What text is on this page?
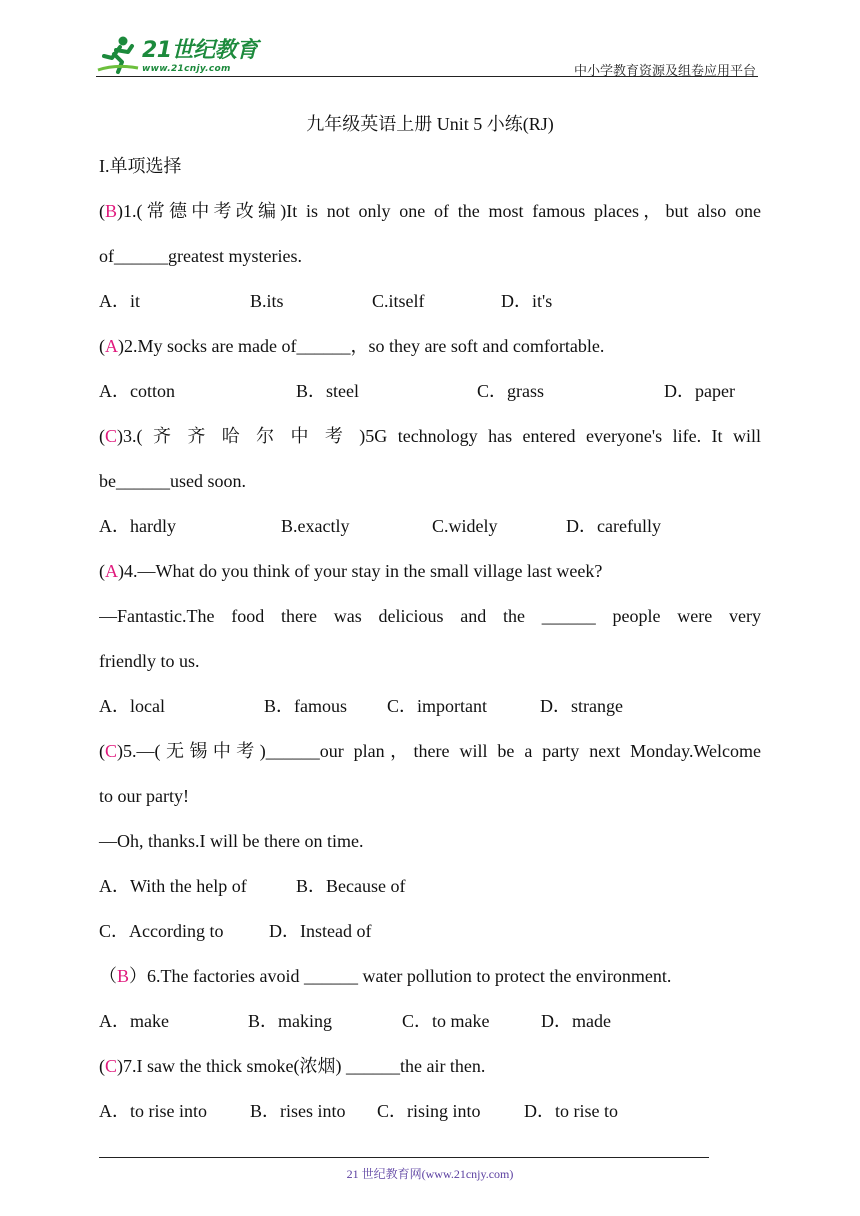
21世纪教育
www.21cnjy.com	中小学教育资源及组卷应用平台
九年级英语上册 Unit 5 小练(RJ)
I.单项选择
(B)1.(常德中考改编)It is not only one of the most famous places，but also one
of______greatest mysteries.
A．it	B.its	C.itself	D．it's
(A)2.My socks are made of______，so they are soft and comfortable.
A．cotton	B．steel	C．grass	D．paper
(C)3.( 齐 齐 哈 尔 中 考 )5G technology has entered everyone's life. It will
be______used soon.
A．hardly	B.exactly	C.widely	D．carefully
(A)4.—What do you think of your stay in the small village last week?
—Fantastic.The food there was delicious and the ______ people were very
friendly to us.
A．local	B．famous C．important	D．strange
(C)5.—(无锡中考)______our plan，there will be a party next Monday.Welcome
to our party!
—Oh, thanks.I will be there on time.
A．With the help of	B．Because of
C．According to	D．Instead of
（B）6.The factories avoid ______ water pollution to protect the environment.
A．make	B．making	C．to make	D．made
(C)7.I saw the thick smoke(浓烟) ______the air then.
A．to rise into B．rises into C．rising into D．to rise to
21 世纪教育网(www.21cnjy.com)
